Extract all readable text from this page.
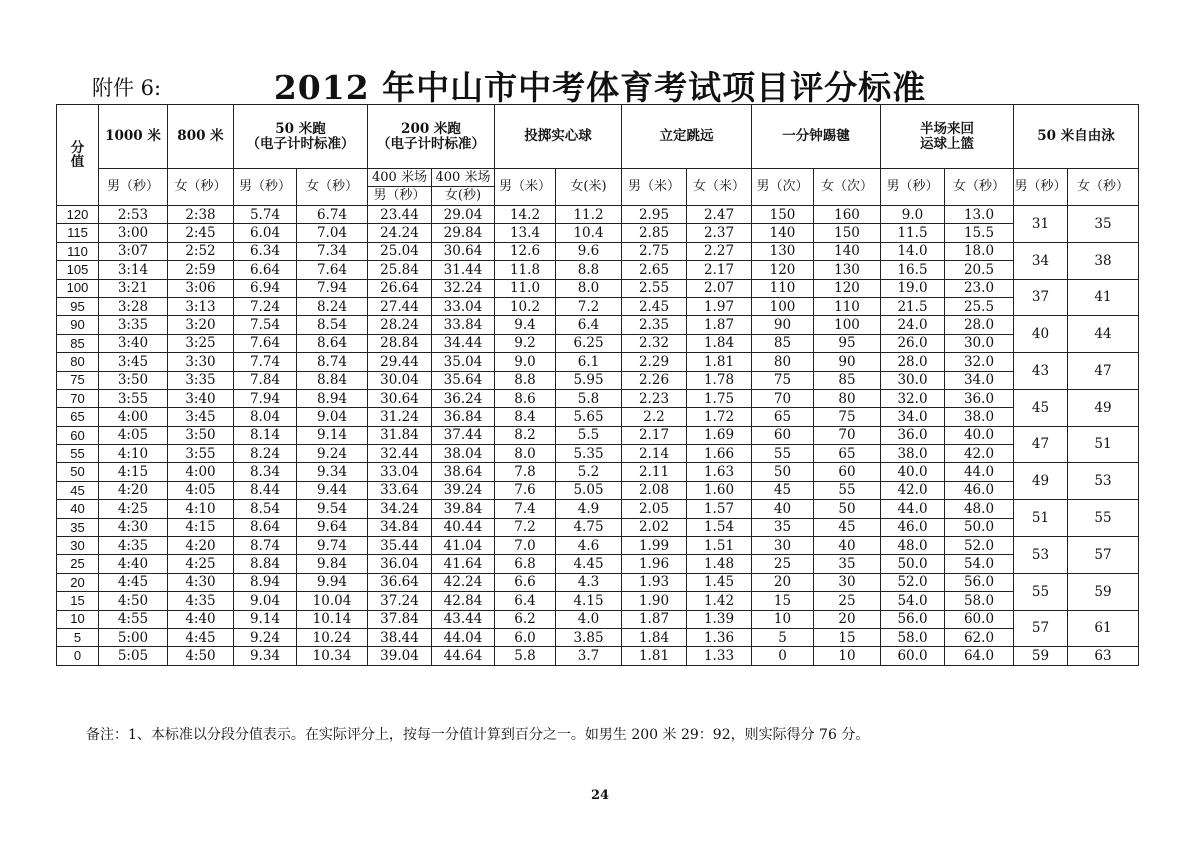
附件 6:	2012 年中山市中考体育考试项目评分标准
分值	1000 米	800 米	50 米跑
（电子计时标准）		200 米跑
（电子计时标准）		投掷实心球		立定跳远		一分钟踢毽		半场来回
运球上篮		50 米自由泳	
	男（秒）	女（秒）	男（秒）	女（秒）	400 米场	400 米场	男（米）	女(米)	男（米）	女（米）	男（次）	女（次）	男（秒）	女（秒）	男（秒）	女（秒）
					男（秒）	女(秒)										
120	2:53	2:38	5.74	6.74	23.44	29.04	14.2	11.2	2.95	2.47	150	160	9.0	13.0	31	35
115	3:00	2:45	6.04	7.04	24.24	29.84	13.4	10.4	2.85	2.37	140	150	11.5	15.5		
110	3:07	2:52	6.34	7.34	25.04	30.64	12.6	9.6	2.75	2.27	130	140	14.0	18.0	34	38
105	3:14	2:59	6.64	7.64	25.84	31.44	11.8	8.8	2.65	2.17	120	130	16.5	20.5		
100	3:21	3:06	6.94	7.94	26.64	32.24	11.0	8.0	2.55	2.07	110	120	19.0	23.0	37	41
95	3:28	3:13	7.24	8.24	27.44	33.04	10.2	7.2	2.45	1.97	100	110	21.5	25.5		
90	3:35	3:20	7.54	8.54	28.24	33.84	9.4	6.4	2.35	1.87	90	100	24.0	28.0	40	44
85	3:40	3:25	7.64	8.64	28.84	34.44	9.2	6.25	2.32	1.84	85	95	26.0	30.0		
80	3:45	3:30	7.74	8.74	29.44	35.04	9.0	6.1	2.29	1.81	80	90	28.0	32.0	43	47
75	3:50	3:35	7.84	8.84	30.04	35.64	8.8	5.95	2.26	1.78	75	85	30.0	34.0		
70	3:55	3:40	7.94	8.94	30.64	36.24	8.6	5.8	2.23	1.75	70	80	32.0	36.0	45	49
65	4:00	3:45	8.04	9.04	31.24	36.84	8.4	5.65	2.2	1.72	65	75	34.0	38.0		
60	4:05	3:50	8.14	9.14	31.84	37.44	8.2	5.5	2.17	1.69	60	70	36.0	40.0	47	51
55	4:10	3:55	8.24	9.24	32.44	38.04	8.0	5.35	2.14	1.66	55	65	38.0	42.0		
50	4:15	4:00	8.34	9.34	33.04	38.64	7.8	5.2	2.11	1.63	50	60	40.0	44.0	49	53
45	4:20	4:05	8.44	9.44	33.64	39.24	7.6	5.05	2.08	1.60	45	55	42.0	46.0		
40	4:25	4:10	8.54	9.54	34.24	39.84	7.4	4.9	2.05	1.57	40	50	44.0	48.0	51	55
35	4:30	4:15	8.64	9.64	34.84	40.44	7.2	4.75	2.02	1.54	35	45	46.0	50.0		
30	4:35	4:20	8.74	9.74	35.44	41.04	7.0	4.6	1.99	1.51	30	40	48.0	52.0	53	57
25	4:40	4:25	8.84	9.84	36.04	41.64	6.8	4.45	1.96	1.48	25	35	50.0	54.0		
20	4:45	4:30	8.94	9.94	36.64	42.24	6.6	4.3	1.93	1.45	20	30	52.0	56.0	55	59
15	4:50	4:35	9.04	10.04	37.24	42.84	6.4	4.15	1.90	1.42	15	25	54.0	58.0		
10	4:55	4:40	9.14	10.14	37.84	43.44	6.2	4.0	1.87	1.39	10	20	56.0	60.0	57	61
5	5:00	4:45	9.24	10.24	38.44	44.04	6.0	3.85	1.84	1.36	5	15	58.0	62.0		
0	5:05	4:50	9.34	10.34	39.04	44.64	5.8	3.7	1.81	1.33	0	10	60.0	64.0	59	63
备注：1、本标准以分段分值表示。在实际评分上，按每一分值计算到百分之一。如男生 200 米 29：92，则实际得分 76 分。
24
